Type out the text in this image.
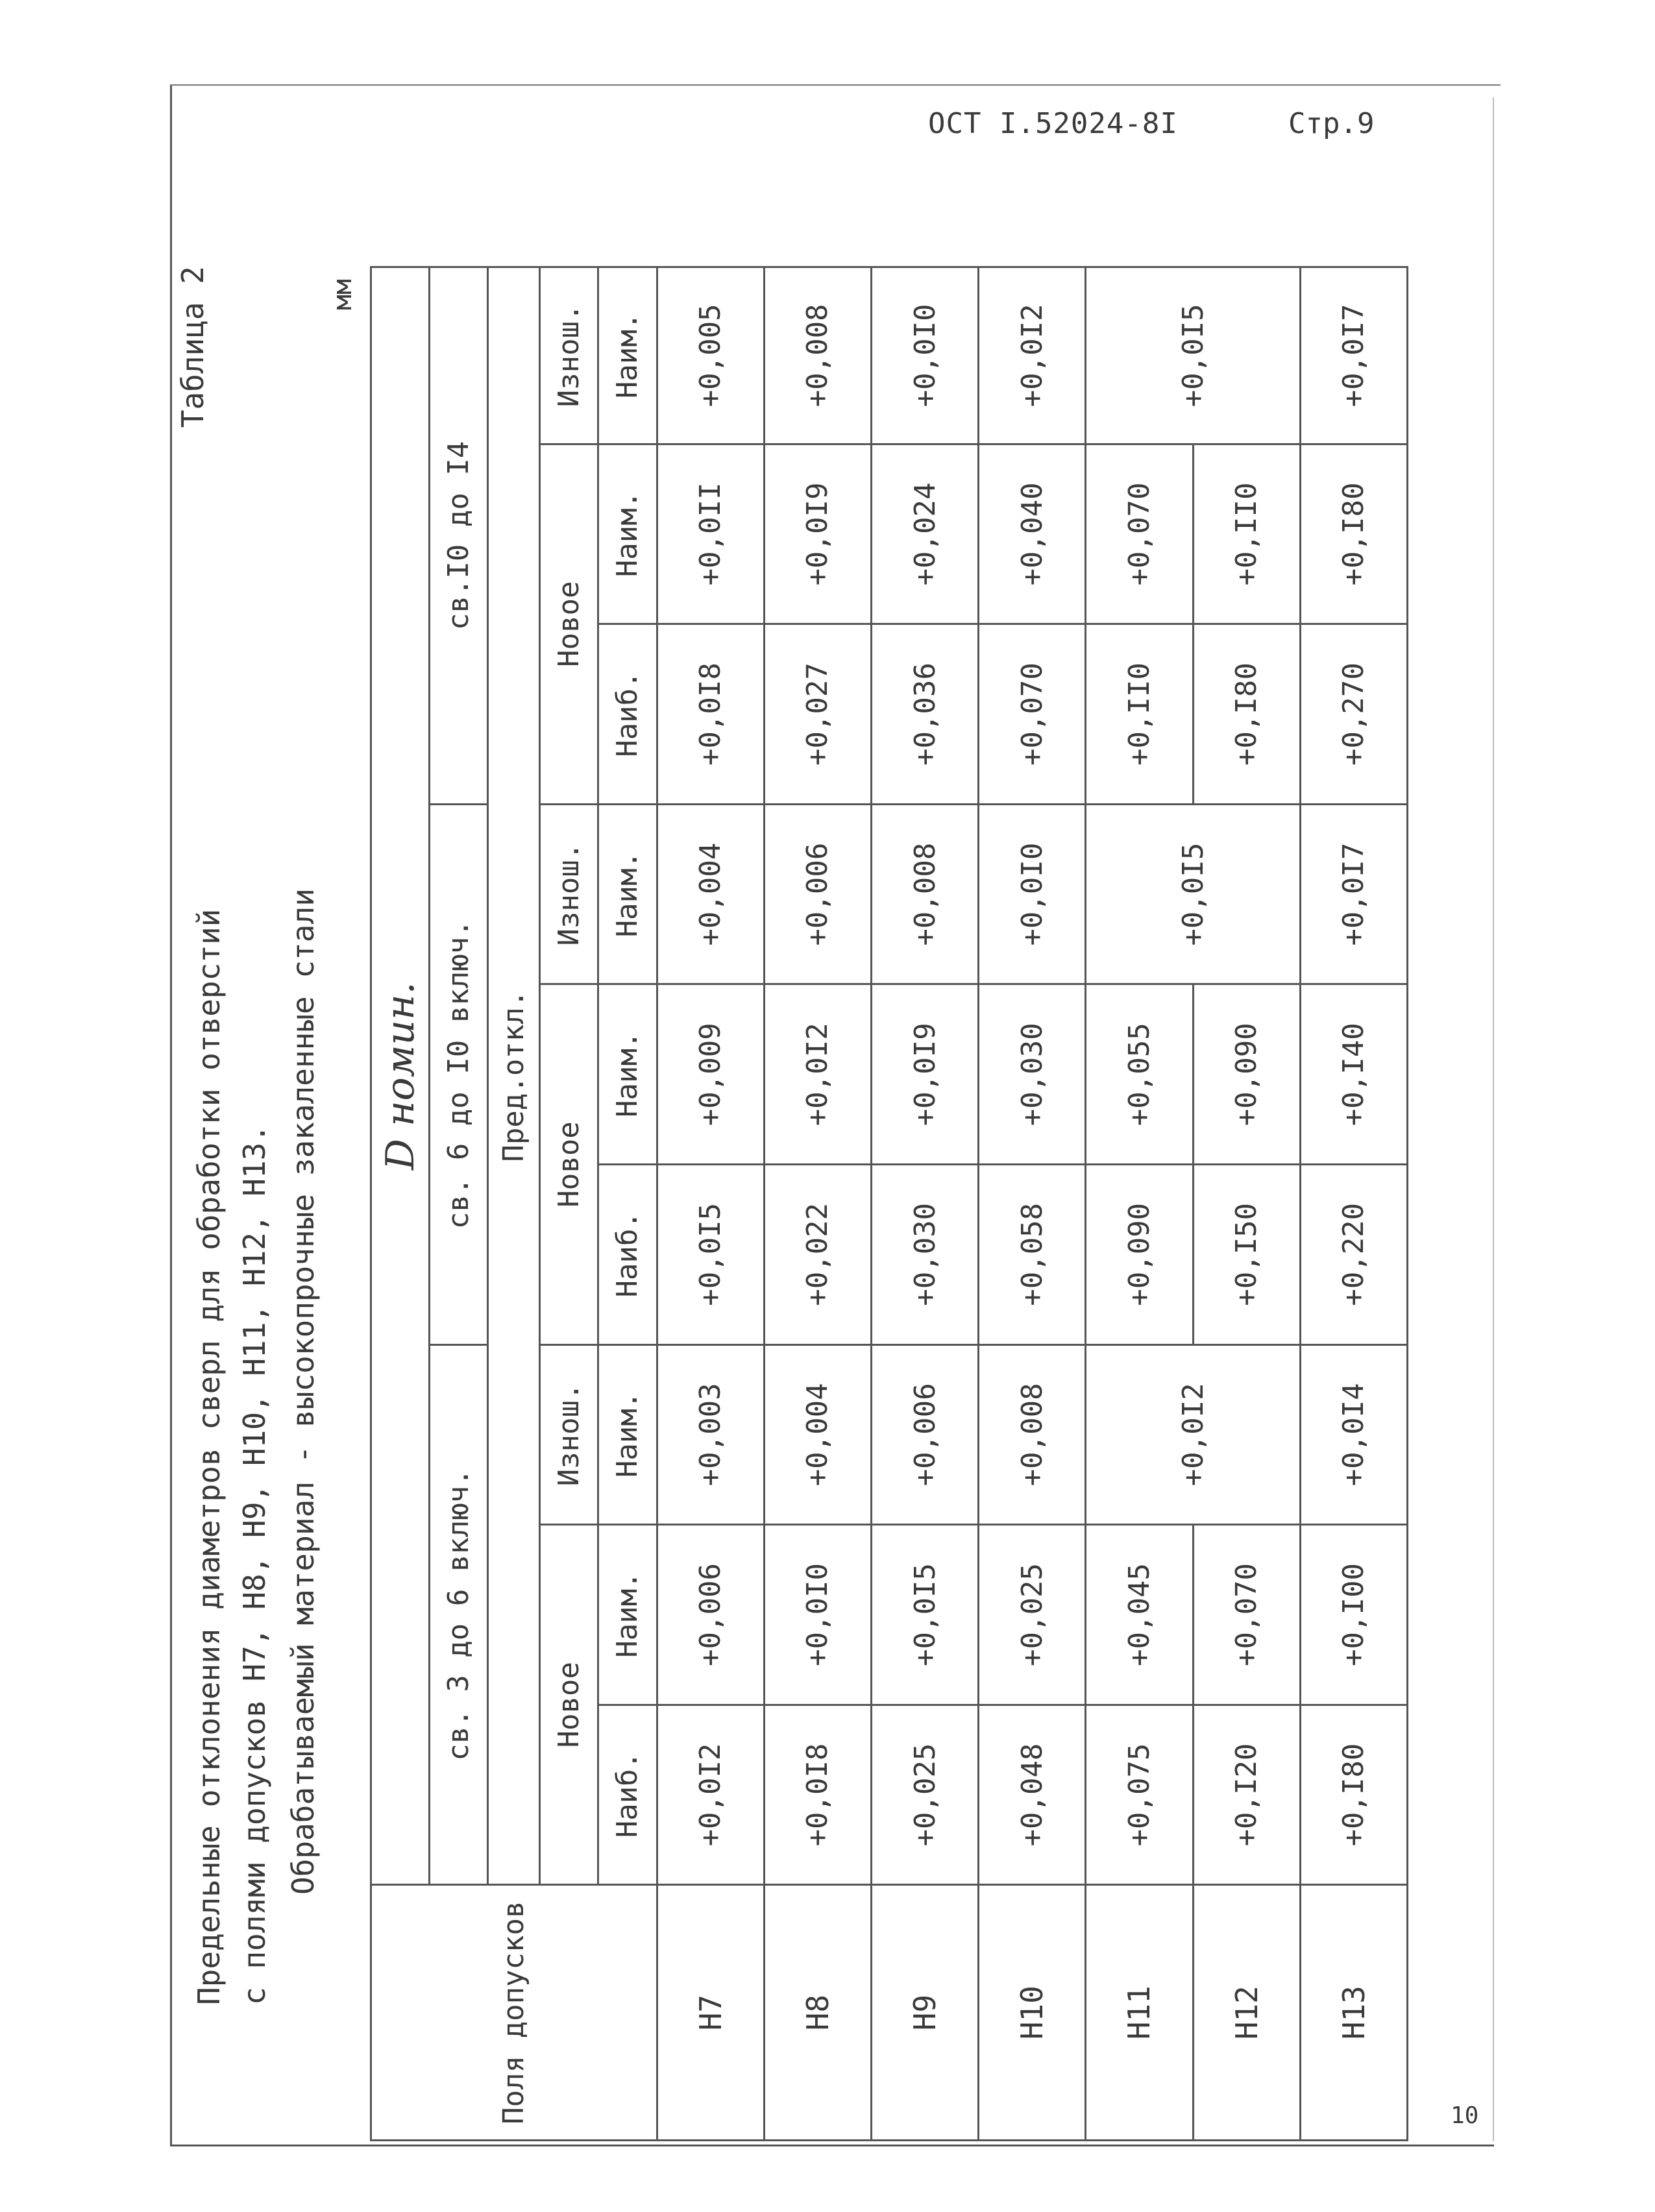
ОСТ I.52024-8I	Стр.9
10
Таблица 2
Предельные отклонения диаметров сверл для обработки отверстий с полями допусков Н7, Н8, Н9, Н10, Н11, Н12, Н13. Обрабатываемый материал - высокопрочные закаленные стали
мм
Поля допусков	D номин.								
	св. 3 до 6 включ.			св. 6 до I0 включ.			св.I0 до I4		
	Пред.откл.								
	Новое		Изнош.	Новое		Изнош.	Новое		Изнош.
	Наиб.	Наим.	Наим.	Наиб.	Наим.	Наим.	Наиб.	Наим.	Наим.
Н7	+0,0I2	+0,006	+0,003	+0,0I5	+0,009	+0,004	+0,0I8	+0,0II	+0,005
Н8	+0,0I8	+0,0I0	+0,004	+0,022	+0,0I2	+0,006	+0,027	+0,0I9	+0,008
Н9	+0,025	+0,0I5	+0,006	+0,030	+0,0I9	+0,008	+0,036	+0,024	+0,0I0
Н10	+0,048	+0,025	+0,008	+0,058	+0,030	+0,0I0	+0,070	+0,040	+0,0I2
Н11	+0,075	+0,045	+0,0I2	+0,090	+0,055	+0,0I5	+0,II0	+0,070	+0,0I5
Н12	+0,I20	+0,070		+0,I50	+0,090		+0,I80	+0,II0	
Н13	+0,I80	+0,I00	+0,0I4	+0,220	+0,I40	+0,0I7	+0,270	+0,I80	+0,0I7
